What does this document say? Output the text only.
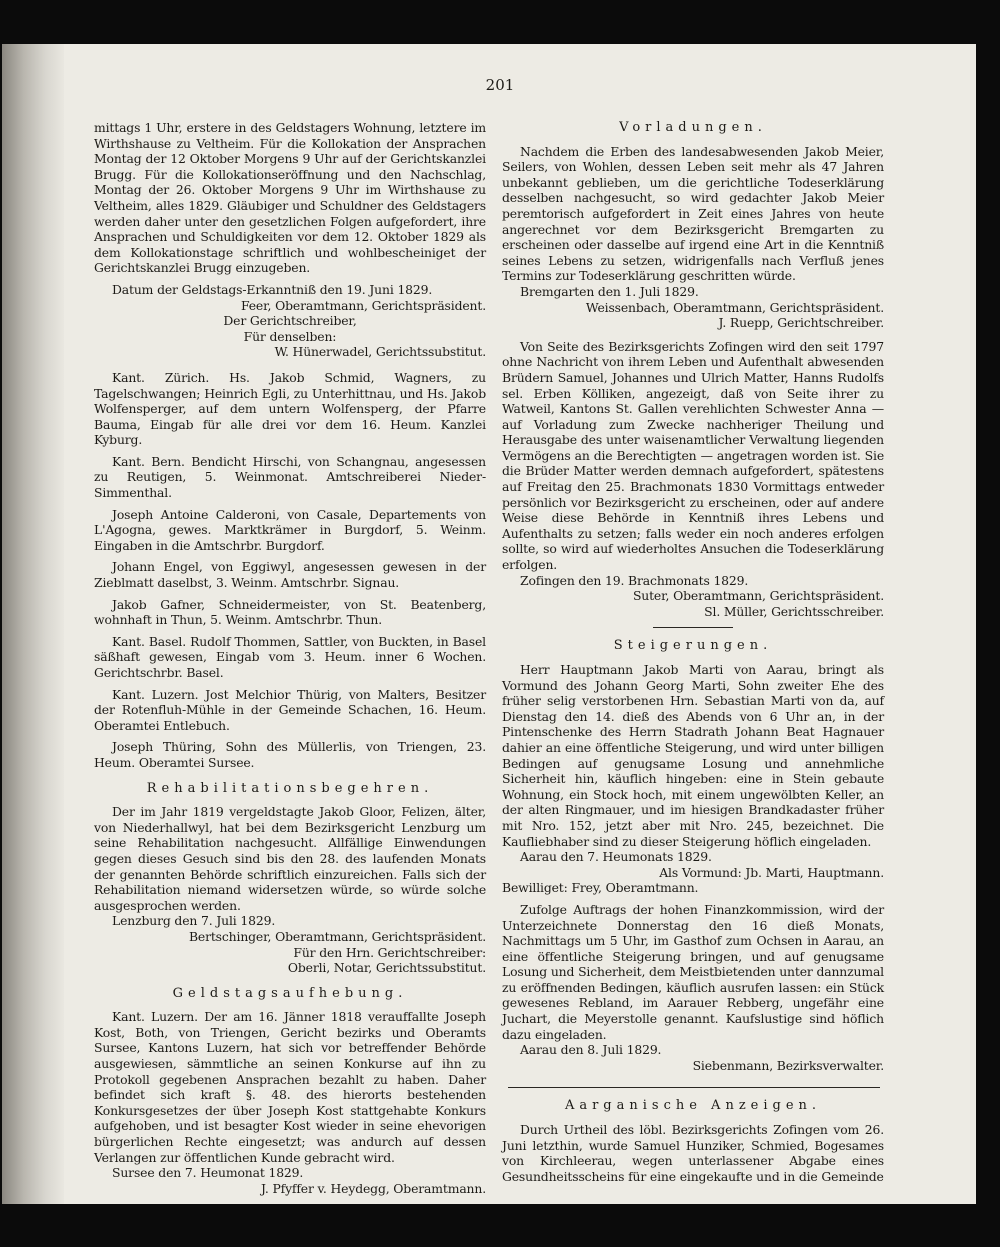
201

mittags 1 Uhr, erstere in des Geldstagers Wohnung, letztere im Wirthshause zu Veltheim. Für die Kollokation der Ansprachen Montag der 12 Oktober Morgens 9 Uhr auf der Gerichtskanzlei Brugg. Für die Kollokationseröffnung und den Nachschlag, Montag der 26. Oktober Morgens 9 Uhr im Wirthshause zu Veltheim, alles 1829. Gläubiger und Schuldner des Geldstagers werden daher unter den gesetzlichen Folgen aufgefordert, ihre Ansprachen und Schuldigkeiten vor dem 12. Oktober 1829 als dem Kollokationstage schriftlich und wohlbescheiniget der Gerichtskanzlei Brugg einzugeben.

Datum der Geldstags-Erkanntniß den 19. Juni 1829.

Feer, Oberamtmann, Gerichtspräsident.

Der Gerichtschreiber,

Für denselben:

W. Hünerwadel, Gerichtssubstitut.

Kant. Zürich. Hs. Jakob Schmid, Wagners, zu Tagelschwangen; Heinrich Egli, zu Unterhittnau, und Hs. Jakob Wolfensperger, auf dem untern Wolfensperg, der Pfarre Bauma, Eingab für alle drei vor dem 16. Heum. Kanzlei Kyburg.

Kant. Bern. Bendicht Hirschi, von Schangnau, angesessen zu Reutigen, 5. Weinmonat. Amtschreiberei Nieder-Simmenthal.

Joseph Antoine Calderoni, von Casale, Departements von L'Agogna, gewes. Marktkrämer in Burgdorf, 5. Weinm. Eingaben in die Amtschrbr. Burgdorf.

Johann Engel, von Eggiwyl, angesessen gewesen in der Zieblmatt daselbst, 3. Weinm. Amtschrbr. Signau.

Jakob Gafner, Schneidermeister, von St. Beatenberg, wohnhaft in Thun, 5. Weinm. Amtschrbr. Thun.

Kant. Basel. Rudolf Thommen, Sattler, von Buckten, in Basel säßhaft gewesen, Eingab vom 3. Heum. inner 6 Wochen. Gerichtschrbr. Basel.

Kant. Luzern. Jost Melchior Thürig, von Malters, Besitzer der Rotenfluh-Mühle in der Gemeinde Schachen, 16. Heum. Oberamtei Entlebuch.

Joseph Thüring, Sohn des Müllerlis, von Triengen, 23. Heum. Oberamtei Sursee.

Rehabilitationsbegehren.

Der im Jahr 1819 vergeldstagte Jakob Gloor, Felizen, älter, von Niederhallwyl, hat bei dem Bezirksgericht Lenzburg um seine Rehabilitation nachgesucht. Allfällige Einwendungen gegen dieses Gesuch sind bis den 28. des laufenden Monats der genannten Behörde schriftlich einzureichen. Falls sich der Rehabilitation niemand widersetzen würde, so würde solche ausgesprochen werden.

Lenzburg den 7. Juli 1829.

Bertschinger, Oberamtmann, Gerichtspräsident.

Für den Hrn. Gerichtschreiber:

Oberli, Notar, Gerichtssubstitut.

Geldstagsaufhebung.

Kant. Luzern. Der am 16. Jänner 1818 verauffallte Joseph Kost, Both, von Triengen, Gericht bezirks und Oberamts Sursee, Kantons Luzern, hat sich vor betreffender Behörde ausgewiesen, sämmtliche an seinen Konkurse auf ihn zu Protokoll gegebenen Ansprachen bezahlt zu haben. Daher befindet sich kraft §. 48. des hierorts bestehenden Konkursgesetzes der über Joseph Kost stattgehabte Konkurs aufgehoben, und ist besagter Kost wieder in seine ehevorigen bürgerlichen Rechte eingesetzt; was andurch auf dessen Verlangen zur öffentlichen Kunde gebracht wird.

Sursee den 7. Heumonat 1829.

J. Pfyffer v. Heydegg, Oberamtmann.

Vorladungen.

Nachdem die Erben des landesabwesenden Jakob Meier, Seilers, von Wohlen, dessen Leben seit mehr als 47 Jahren unbekannt geblieben, um die gerichtliche Todeserklärung desselben nachgesucht, so wird gedachter Jakob Meier peremtorisch aufgefordert in Zeit eines Jahres von heute angerechnet vor dem Bezirksgericht Bremgarten zu erscheinen oder dasselbe auf irgend eine Art in die Kenntniß seines Lebens zu setzen, widrigenfalls nach Verfluß jenes Termins zur Todeserklärung geschritten würde.

Bremgarten den 1. Juli 1829.

Weissenbach, Oberamtmann, Gerichtspräsident.

J. Ruepp, Gerichtschreiber.

Von Seite des Bezirksgerichts Zofingen wird den seit 1797 ohne Nachricht von ihrem Leben und Aufenthalt abwesenden Brüdern Samuel, Johannes und Ulrich Matter, Hanns Rudolfs sel. Erben Kölliken, angezeigt, daß von Seite ihrer zu Watweil, Kantons St. Gallen verehlichten Schwester Anna — auf Vorladung zum Zwecke nachheriger Theilung und Herausgabe des unter waisenamtlicher Verwaltung liegenden Vermögens an die Berechtigten — angetragen worden ist. Sie die Brüder Matter werden demnach aufgefordert, spätestens auf Freitag den 25. Brachmonats 1830 Vormittags entweder persönlich vor Bezirksgericht zu erscheinen, oder auf andere Weise diese Behörde in Kenntniß ihres Lebens und Aufenthalts zu setzen; falls weder ein noch anderes erfolgen sollte, so wird auf wiederholtes Ansuchen die Todeserklärung erfolgen.

Zofingen den 19. Brachmonats 1829.

Suter, Oberamtmann, Gerichtspräsident.

Sl. Müller, Gerichtsschreiber.

Steigerungen.

Herr Hauptmann Jakob Marti von Aarau, bringt als Vormund des Johann Georg Marti, Sohn zweiter Ehe des früher selig verstorbenen Hrn. Sebastian Marti von da, auf Dienstag den 14. dieß des Abends von 6 Uhr an, in der Pintenschenke des Herrn Stadrath Johann Beat Hagnauer dahier an eine öffentliche Steigerung, und wird unter billigen Bedingen auf genugsame Losung und annehmliche Sicherheit hin, käuflich hingeben: eine in Stein gebaute Wohnung, ein Stock hoch, mit einem ungewölbten Keller, an der alten Ringmauer, und im hiesigen Brandkadaster früher mit Nro. 152, jetzt aber mit Nro. 245, bezeichnet. Die Kaufliebhaber sind zu dieser Steigerung höflich eingeladen.

Aarau den 7. Heumonats 1829.

Als Vormund: Jb. Marti, Hauptmann.

Bewilliget: Frey, Oberamtmann.

Zufolge Auftrags der hohen Finanzkommission, wird der Unterzeichnete Donnerstag den 16 dieß Monats, Nachmittags um 5 Uhr, im Gasthof zum Ochsen in Aarau, an eine öffentliche Steigerung bringen, und auf genugsame Losung und Sicherheit, dem Meistbietenden unter dannzumal zu eröffnenden Bedingen, käuflich ausrufen lassen: ein Stück gewesenes Rebland, im Aarauer Rebberg, ungefähr eine Juchart, die Meyerstolle genannt. Kaufslustige sind höflich dazu eingeladen.

Aarau den 8. Juli 1829.

Siebenmann, Bezirksverwalter.

Aarganische Anzeigen.

Durch Urtheil des löbl. Bezirksgerichts Zofingen vom 26. Juni letzthin, wurde Samuel Hunziker, Schmied, Bogesames von Kirchleerau, wegen unterlassener Abgabe eines Gesundheitsscheins für eine eingekaufte und in die Gemeinde
